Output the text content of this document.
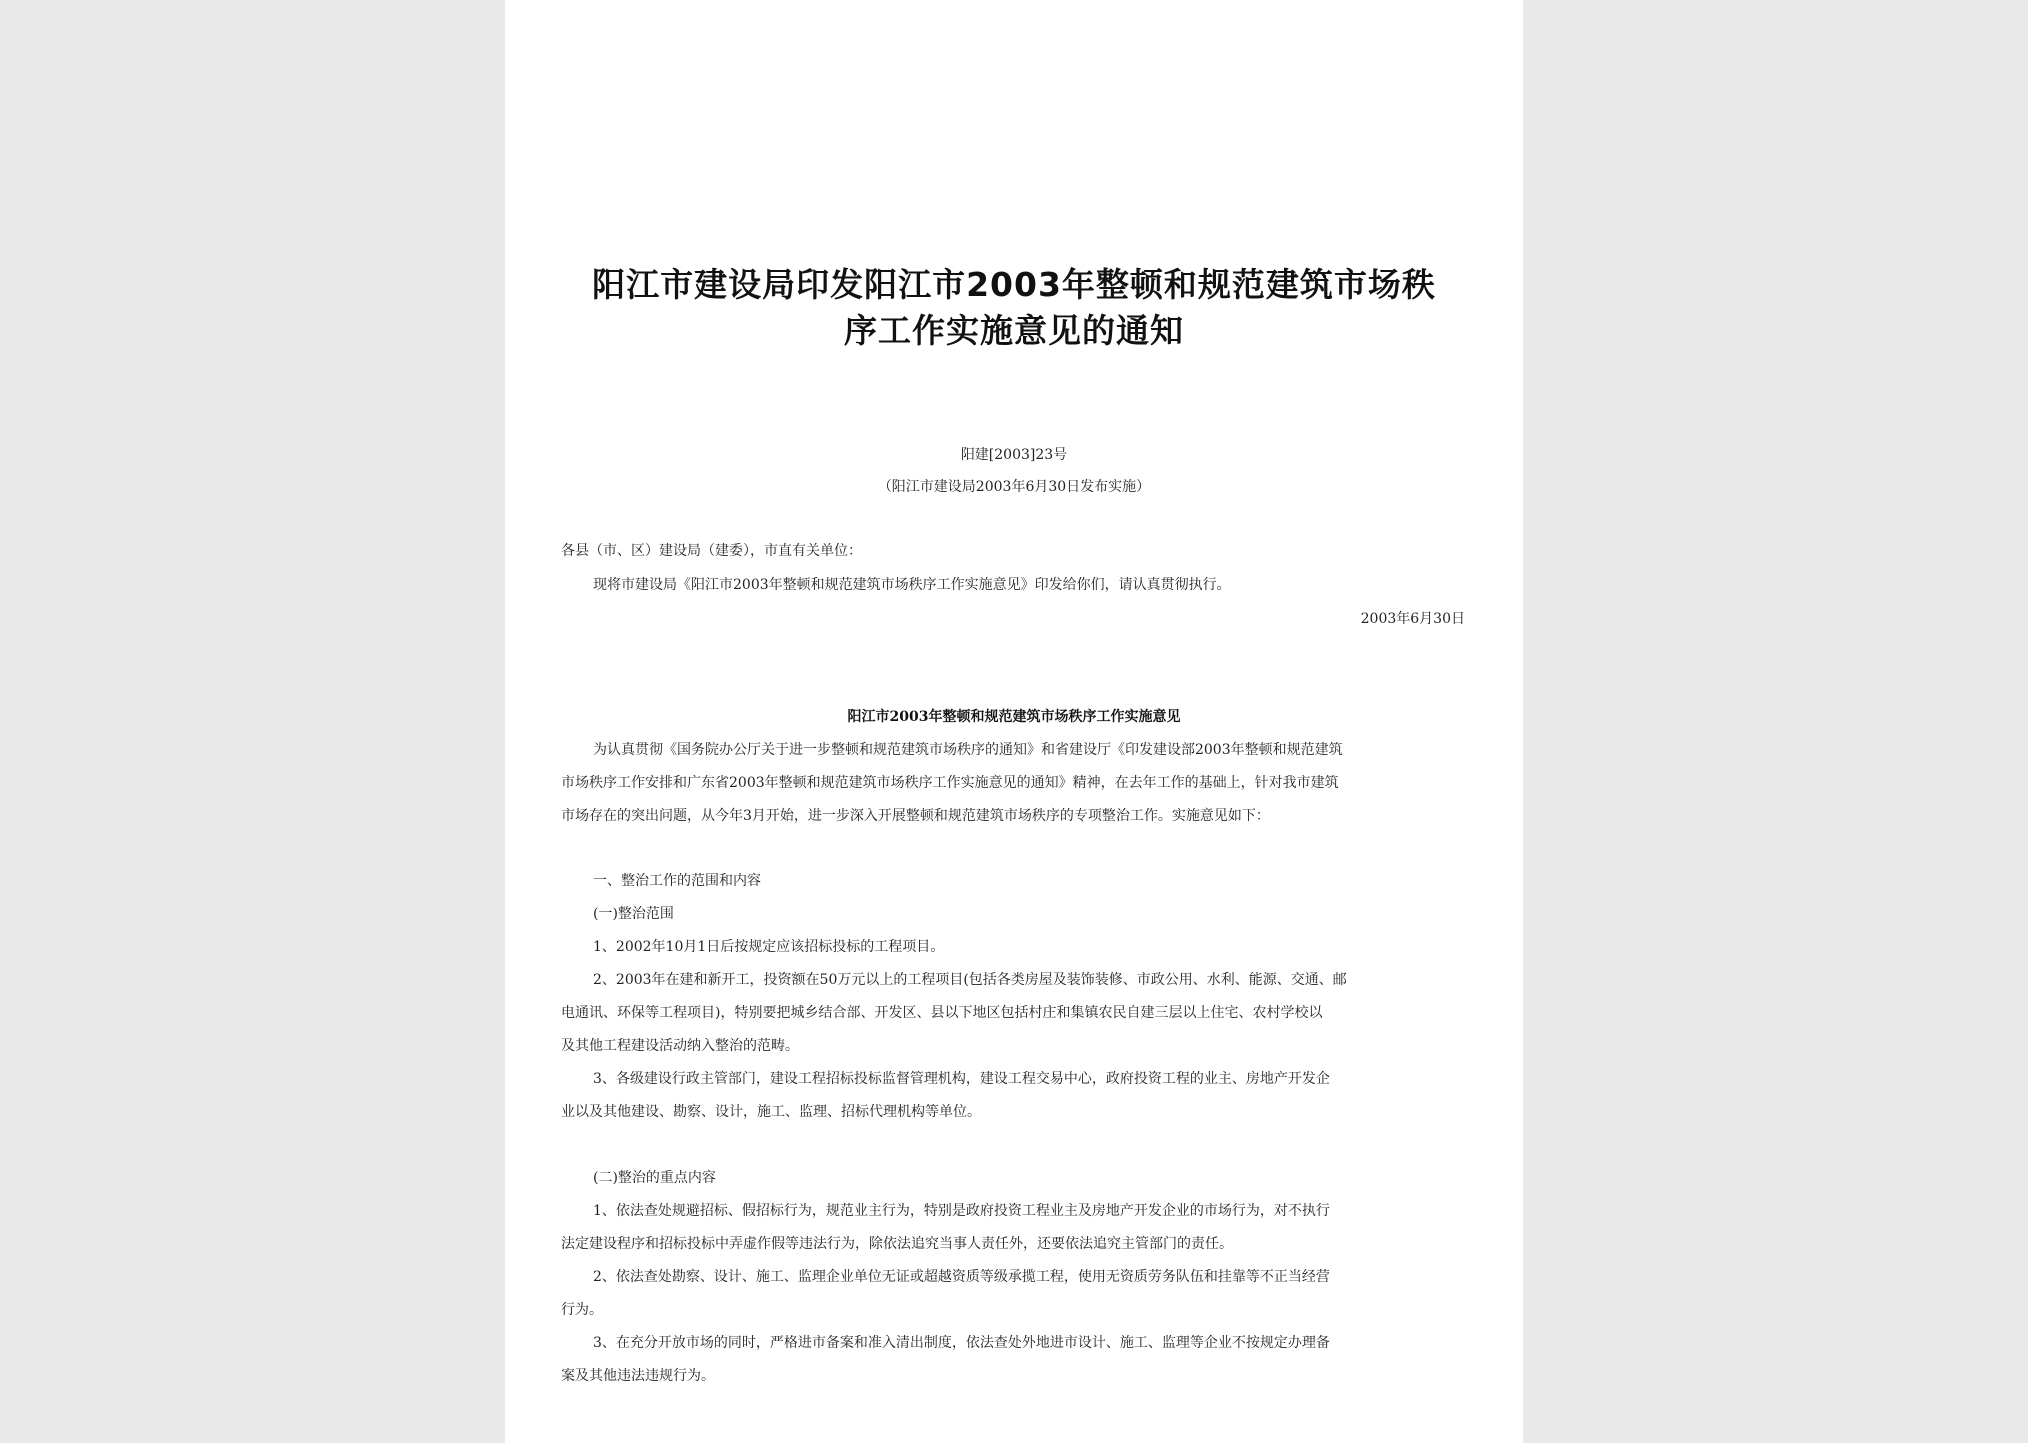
阳江市建设局印发阳江市2003年整顿和规范建筑市场秩
序工作实施意见的通知
阳建[2003]23号
（阳江市建设局2003年6月30日发布实施）
各县（市、区）建设局（建委），市直有关单位：
现将市建设局《阳江市2003年整顿和规范建筑市场秩序工作实施意见》印发给你们，请认真贯彻执行。
2003年6月30日
阳江市2003年整顿和规范建筑市场秩序工作实施意见
为认真贯彻《国务院办公厅关于进一步整顿和规范建筑市场秩序的通知》和省建设厅《印发建设部2003年整顿和规范建筑
市场秩序工作安排和广东省2003年整顿和规范建筑市场秩序工作实施意见的通知》精神，在去年工作的基础上，针对我市建筑
市场存在的突出问题，从今年3月开始，进一步深入开展整顿和规范建筑市场秩序的专项整治工作。实施意见如下：
一、整治工作的范围和内容
(一)整治范围
1、2002年10月1日后按规定应该招标投标的工程项目。
2、2003年在建和新开工，投资额在50万元以上的工程项目(包括各类房屋及装饰装修、市政公用、水利、能源、交通、邮
电通讯、环保等工程项目)，特别要把城乡结合部、开发区、县以下地区包括村庄和集镇农民自建三层以上住宅、农村学校以
及其他工程建设活动纳入整治的范畴。
3、各级建设行政主管部门，建设工程招标投标监督管理机构，建设工程交易中心，政府投资工程的业主、房地产开发企
业以及其他建设、勘察、设计，施工、监理、招标代理机构等单位。
(二)整治的重点内容
1、依法查处规避招标、假招标行为，规范业主行为，特别是政府投资工程业主及房地产开发企业的市场行为，对不执行
法定建设程序和招标投标中弄虚作假等违法行为，除依法追究当事人责任外，还要依法追究主管部门的责任。
2、依法查处勘察、设计、施工、监理企业单位无证或超越资质等级承揽工程，使用无资质劳务队伍和挂靠等不正当经营
行为。
3、在充分开放市场的同时，严格进市备案和准入清出制度，依法查处外地进市设计、施工、监理等企业不按规定办理备
案及其他违法违规行为。
